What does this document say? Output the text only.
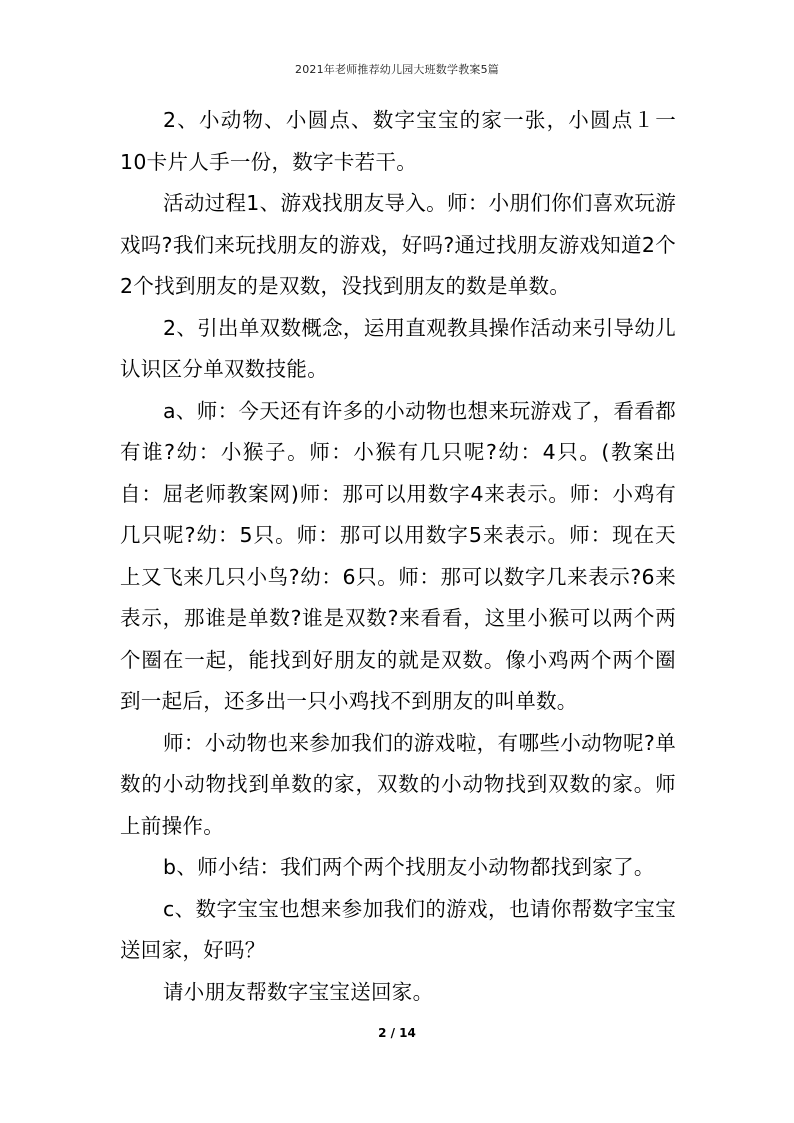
2021年老师推荐幼儿园大班数学教案5篇

2、小动物、小圆点、数字宝宝的家一张，小圆点１一10卡片人手一份，数字卡若干。

活动过程1、游戏找朋友导入。师：小朋们你们喜欢玩游戏吗?我们来玩找朋友的游戏，好吗?通过找朋友游戏知道2个2个找到朋友的是双数，没找到朋友的数是单数。

2、引出单双数概念，运用直观教具操作活动来引导幼儿认识区分单双数技能。

a、师：今天还有许多的小动物也想来玩游戏了，看看都有谁?幼：小猴子。师：小猴有几只呢?幼：4只。(教案出自：屈老师教案网)师：那可以用数字4来表示。师：小鸡有几只呢?幼：5只。师：那可以用数字5来表示。师：现在天上又飞来几只小鸟?幼：6只。师：那可以数字几来表示?6来表示，那谁是单数?谁是双数?来看看，这里小猴可以两个两个圈在一起，能找到好朋友的就是双数。像小鸡两个两个圈到一起后，还多出一只小鸡找不到朋友的叫单数。

师：小动物也来参加我们的游戏啦，有哪些小动物呢?单数的小动物找到单数的家，双数的小动物找到双数的家。师上前操作。

b、师小结：我们两个两个找朋友小动物都找到家了。

c、数字宝宝也想来参加我们的游戏，也请你帮数字宝宝送回家，好吗？

请小朋友帮数字宝宝送回家。

2 / 14
